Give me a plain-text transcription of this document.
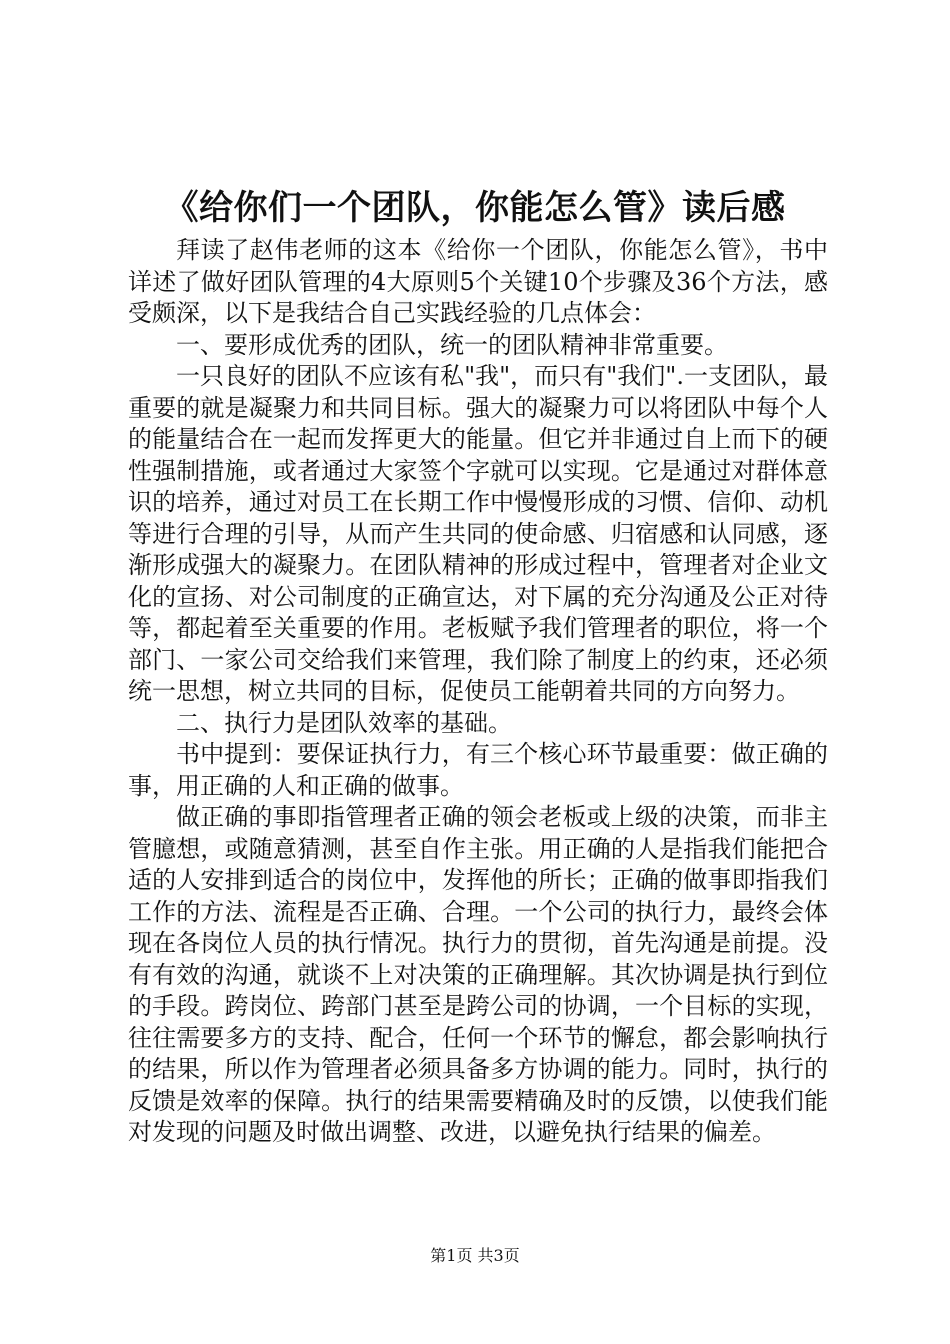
《给你们一个团队，你能怎么管》读后感

拜读了赵伟老师的这本《给你一个团队，你能怎么管》，书中详述了做好团队管理的4大原则5个关键10个步骤及36个方法，感受颇深，以下是我结合自己实践经验的几点体会：

一、要形成优秀的团队，统一的团队精神非常重要。

一只良好的团队不应该有私"我"，而只有"我们".一支团队，最重要的就是凝聚力和共同目标。强大的凝聚力可以将团队中每个人的能量结合在一起而发挥更大的能量。但它并非通过自上而下的硬性强制措施，或者通过大家签个字就可以实现。它是通过对群体意识的培养，通过对员工在长期工作中慢慢形成的习惯、信仰、动机等进行合理的引导，从而产生共同的使命感、归宿感和认同感，逐渐形成强大的凝聚力。在团队精神的形成过程中，管理者对企业文化的宣扬、对公司制度的正确宣达，对下属的充分沟通及公正对待等，都起着至关重要的作用。老板赋予我们管理者的职位，将一个部门、一家公司交给我们来管理，我们除了制度上的约束，还必须统一思想，树立共同的目标，促使员工能朝着共同的方向努力。

二、执行力是团队效率的基础。

书中提到：要保证执行力，有三个核心环节最重要：做正确的事，用正确的人和正确的做事。

做正确的事即指管理者正确的领会老板或上级的决策，而非主管臆想，或随意猜测，甚至自作主张。用正确的人是指我们能把合适的人安排到适合的岗位中，发挥他的所长；正确的做事即指我们工作的方法、流程是否正确、合理。一个公司的执行力，最终会体现在各岗位人员的执行情况。执行力的贯彻，首先沟通是前提。没有有效的沟通，就谈不上对决策的正确理解。其次协调是执行到位的手段。跨岗位、跨部门甚至是跨公司的协调，一个目标的实现，往往需要多方的支持、配合，任何一个环节的懈怠，都会影响执行的结果，所以作为管理者必须具备多方协调的能力。同时，执行的反馈是效率的保障。执行的结果需要精确及时的反馈，以使我们能对发现的问题及时做出调整、改进，以避免执行结果的偏差。

第1页 共3页
